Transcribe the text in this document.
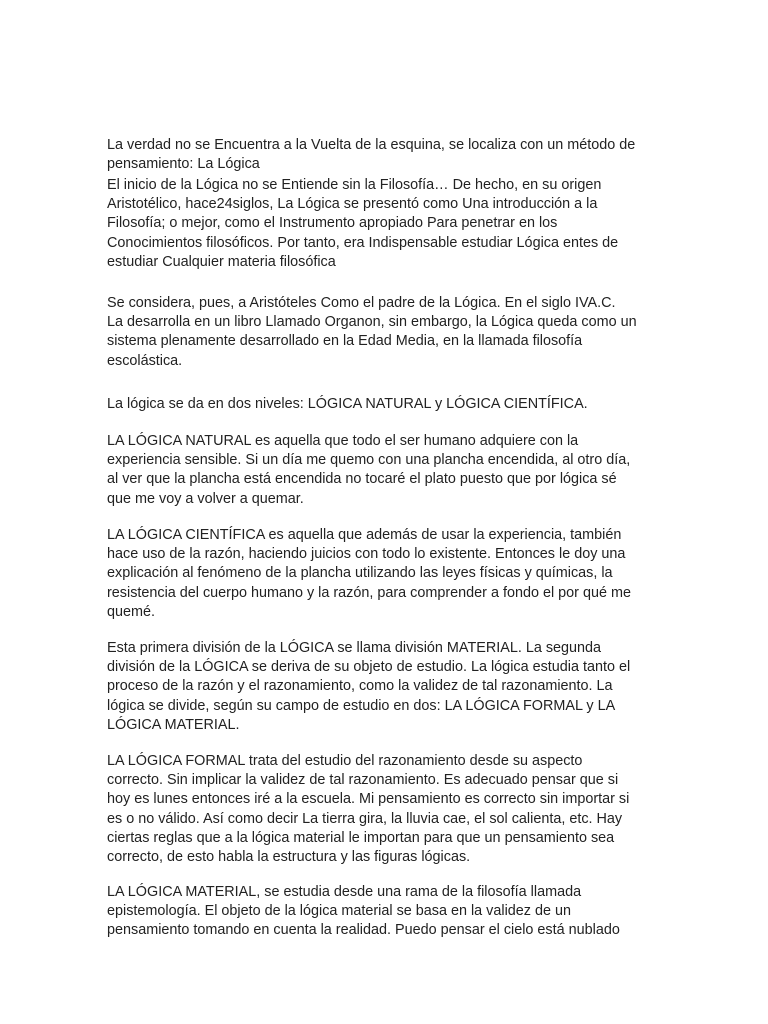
La verdad no se Encuentra a la Vuelta de la esquina, se localiza con un método de
pensamiento: La Lógica

El inicio de la Lógica no se Entiende sin la Filosofía… De hecho, en su origen
Aristotélico, hace24siglos, La Lógica se presentó como Una introducción a la
Filosofía; o mejor, como el Instrumento apropiado Para penetrar en los
Conocimientos filosóficos. Por tanto, era Indispensable estudiar Lógica entes de
estudiar Cualquier materia filosófica

Se considera, pues, a Aristóteles Como el padre de la Lógica. En el siglo IVA.C.
La desarrolla en un libro Llamado Organon, sin embargo, la Lógica queda como un
sistema plenamente desarrollado en la Edad Media, en la llamada filosofía
escolástica.

La lógica se da en dos niveles: LÓGICA NATURAL y LÓGICA CIENTÍFICA.

LA LÓGICA NATURAL es aquella que todo el ser humano adquiere con la
experiencia sensible. Si un día me quemo con una plancha encendida, al otro día,
al ver que la plancha está encendida no tocaré el plato puesto que por lógica sé
que me voy a volver a quemar.

LA LÓGICA CIENTÍFICA es aquella que además de usar la experiencia, también
hace uso de la razón, haciendo juicios con todo lo existente. Entonces le doy una
explicación al fenómeno de la plancha utilizando las leyes físicas y químicas, la
resistencia del cuerpo humano y la razón, para comprender a fondo el por qué me
quemé.

Esta primera división de la LÓGICA se llama división MATERIAL. La segunda
división de la LÓGICA se deriva de su objeto de estudio. La lógica estudia tanto el
proceso de la razón y el razonamiento, como la validez de tal razonamiento. La
lógica se divide, según su campo de estudio en dos: LA LÓGICA FORMAL y LA
LÓGICA MATERIAL.

LA LÓGICA FORMAL trata del estudio del razonamiento desde su aspecto
correcto. Sin implicar la validez de tal razonamiento. Es adecuado pensar que si
hoy es lunes entonces iré a la escuela. Mi pensamiento es correcto sin importar si
es o no válido. Así como decir La tierra gira, la lluvia cae, el sol calienta, etc. Hay
ciertas reglas que a la lógica material le importan para que un pensamiento sea
correcto, de esto habla la estructura y las figuras lógicas.

LA LÓGICA MATERIAL, se estudia desde una rama de la filosofía llamada
epistemología. El objeto de la lógica material se basa en la validez de un
pensamiento tomando en cuenta la realidad. Puedo pensar el cielo está nublado
